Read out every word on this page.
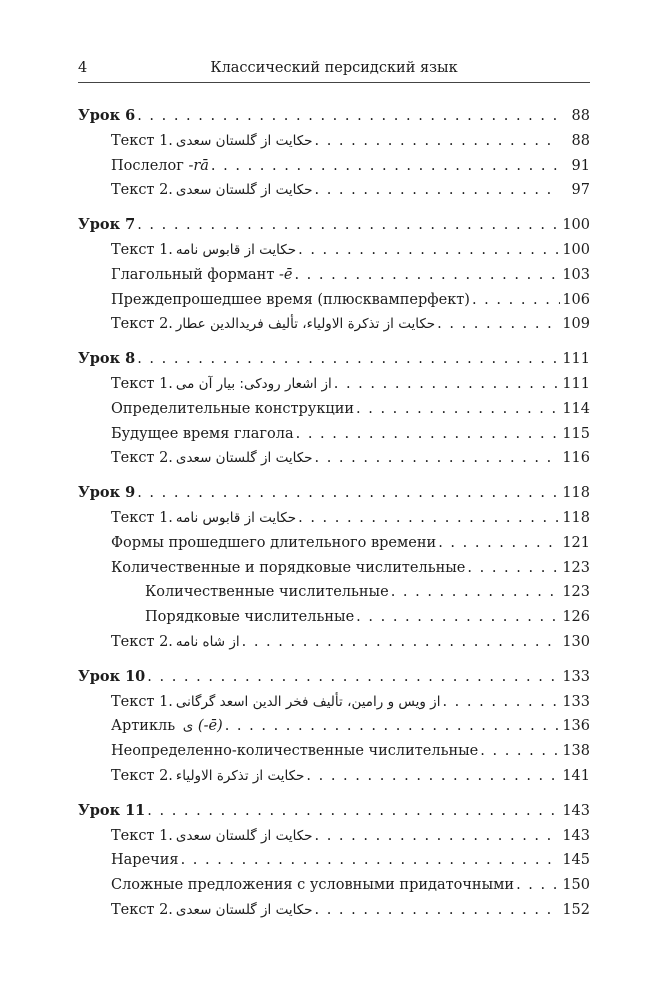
4	Классический персидский язык
Урок 6 . . .	88
Текст 1. حکایت از گلستان سعدی . . .	88
Послелог -rā . . .	91
Текст 2. حکایت از گلستان سعدی . . .	97
Урок 7 . . .	100
Текст 1. حکایت از قابوس نامه . . .	100
Глагольный формант -ē . . .	103
Преждепрошедшее время (плюсквамперфект) . . .	106
Текст 2. حکایت از تذکرة الاولیاء، تألیف فریدالدین عطار . . .	109
Урок 8 . . .	111
Текст 1. از اشعار رودکی: بیار آن می . . .	111
Определительные конструкции . . .	114
Будущее время глагола . . .	115
Текст 2. حکایت از گلستان سعدی . . .	116
Урок 9 . . .	118
Текст 1. حکایت از قابوس نامه . . .	118
Формы прошедшего длительного времени . . .	121
Количественные и порядковые числительные . . .	123
Количественные числительные . . .	123
Порядковые числительные . . .	126
Текст 2. از شاه نامه . . .	130
Урок 10 . . .	133
Текст 1. از ویس و رامین، تألیف فخر الدین اسعد گرگانی . . .	133
Артикль ی (-ē) . . .	136
Неопределенно-количественные числительные . . .	138
Текст 2. حکایت از تذکرة الاولیاء . . .	141
Урок 11 . . .	143
Текст 1. حکایت از گلستان سعدی . . .	143
Наречия . . .	145
Сложные предложения с условными придаточными . . .	150
Текст 2. حکایت از گلستان سعدی . . .	152
